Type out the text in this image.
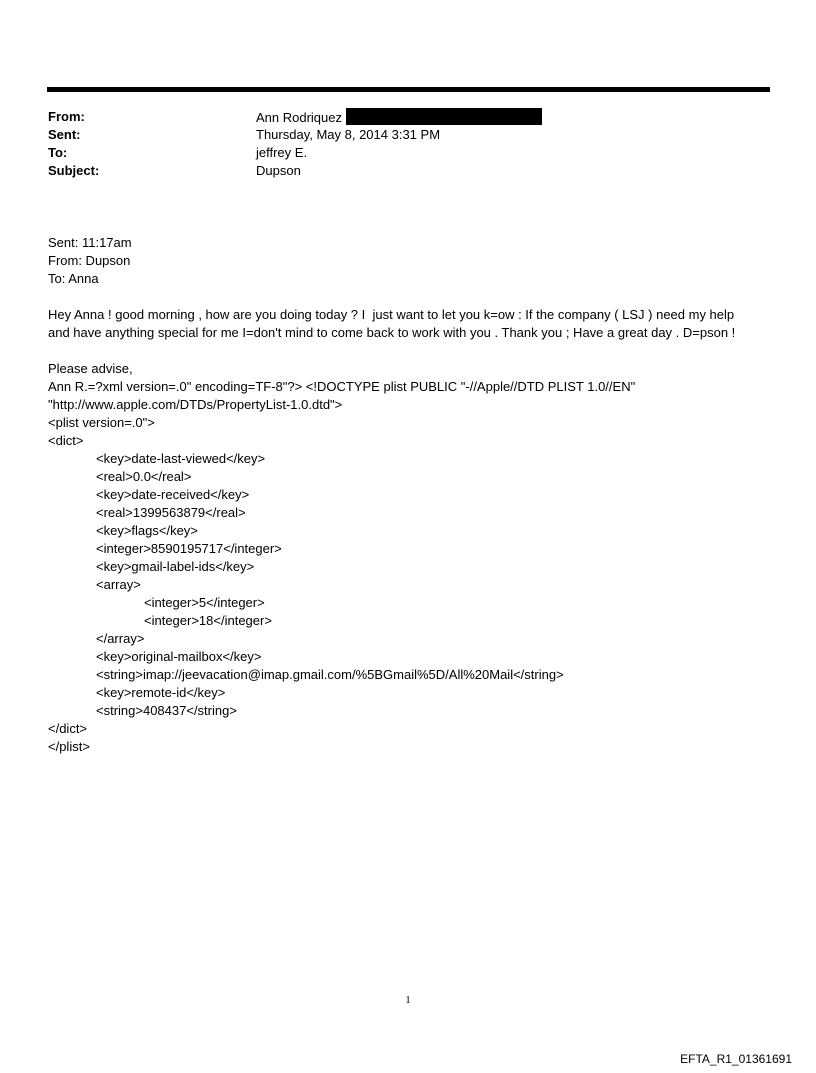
From:	Ann Rodriquez
Sent:	Thursday, May 8, 2014 3:31 PM
To:	jeffrey E.
Subject:	Dupson
Sent: 11:17am
From: Dupson
To: Anna
Hey Anna ! good morning , how are you doing today ? I  just want to let you k=ow : If the company ( LSJ ) need my help
and have anything special for me I=don't mind to come back to work with you . Thank you ; Have a great day . D=pson !
Please advise,
Ann R.=?xml version=.0" encoding=TF-8"?> <!DOCTYPE plist PUBLIC "-//Apple//DTD PLIST 1.0//EN"
"http://www.apple.com/DTDs/PropertyList-1.0.dtd">
<plist version=.0">
<dict>
<key>date-last-viewed</key>
<real>0.0</real>
<key>date-received</key>
<real>1399563879</real>
<key>flags</key>
<integer>8590195717</integer>
<key>gmail-label-ids</key>
<array>
<integer>5</integer>
<integer>18</integer>
</array>
<key>original-mailbox</key>
<string>imap://jeevacation@imap.gmail.com/%5BGmail%5D/All%20Mail</string>
<key>remote-id</key>
<string>408437</string>
</dict>
</plist>
1
EFTA_R1_01361691
